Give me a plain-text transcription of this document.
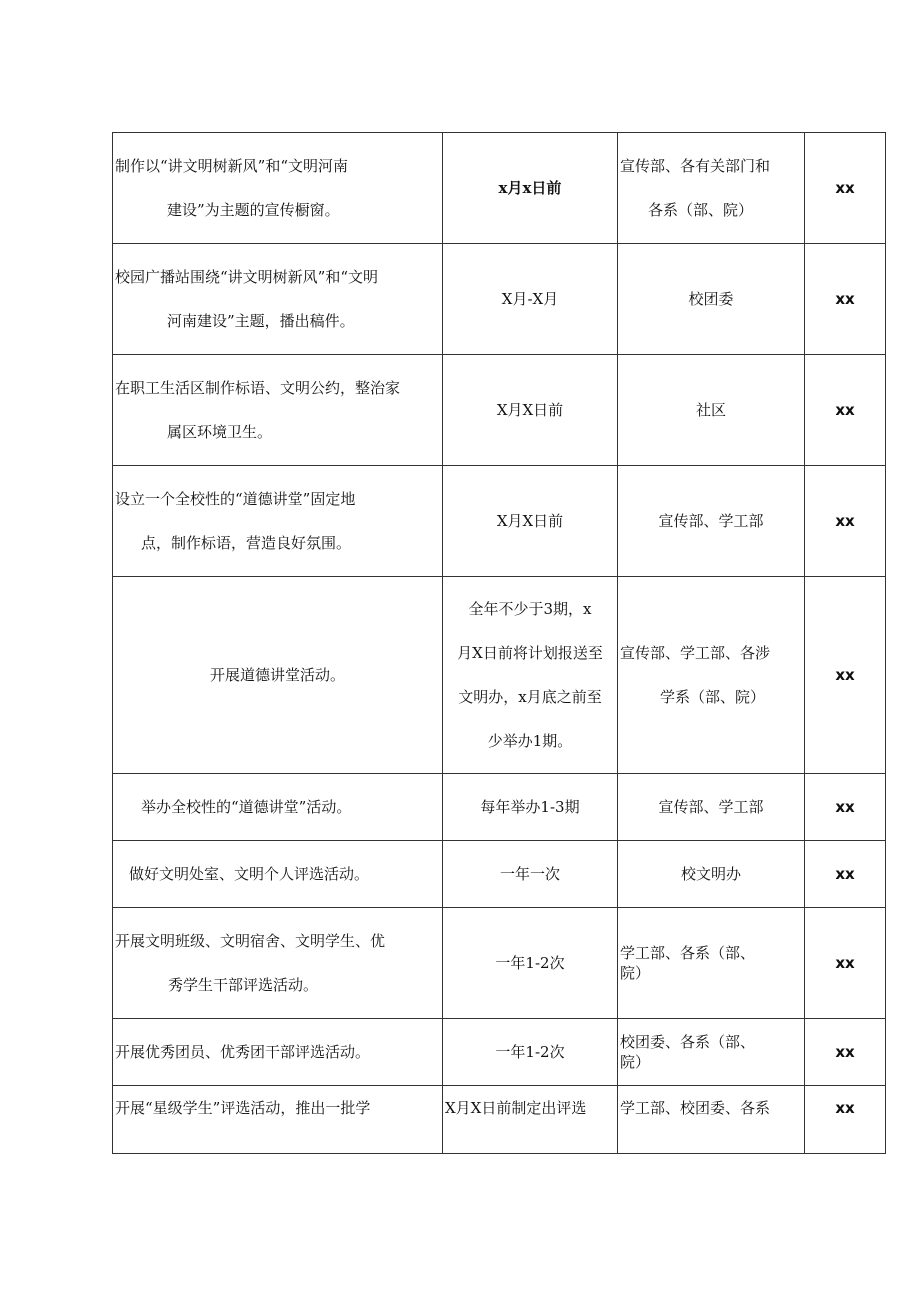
制作以“讲文明树新风”和“文明河南
建设”为主题的宣传橱窗。	x月x日前	宣传部、各有关部门和
各系（部、院）	xx

校园广播站围绕“讲文明树新风”和“文明
河南建设”主题，播出稿件。	X月-X月	校团委	xx

在职工生活区制作标语、文明公约，整治家
属区环境卫生。	X月X日前	社区	xx

设立一个全校性的“道德讲堂”固定地
点，制作标语，营造良好氛围。	X月X日前	宣传部、学工部	xx
开展道德讲堂活动。	全年不少于3期，x
月X日前将计划报送至
文明办，x月底之前至
少举办1期。	宣传部、学工部、各涉
学系（部、院）	xx

举办全校性的“道德讲堂”活动。	每年举办1-3期	宣传部、学工部	xx

做好文明处室、文明个人评选活动。	一年一次	校文明办	xx

开展文明班级、文明宿舍、文明学生、优
秀学生干部评选活动。	一年1-2次	学工部、各系（部、
院）	xx

开展优秀团员、优秀团干部评选活动。	一年1-2次	校团委、各系（部、
院）	xx

开展“星级学生”评选活动，推出一批学	X月X日前制定出评选	学工部、校团委、各系	xx
